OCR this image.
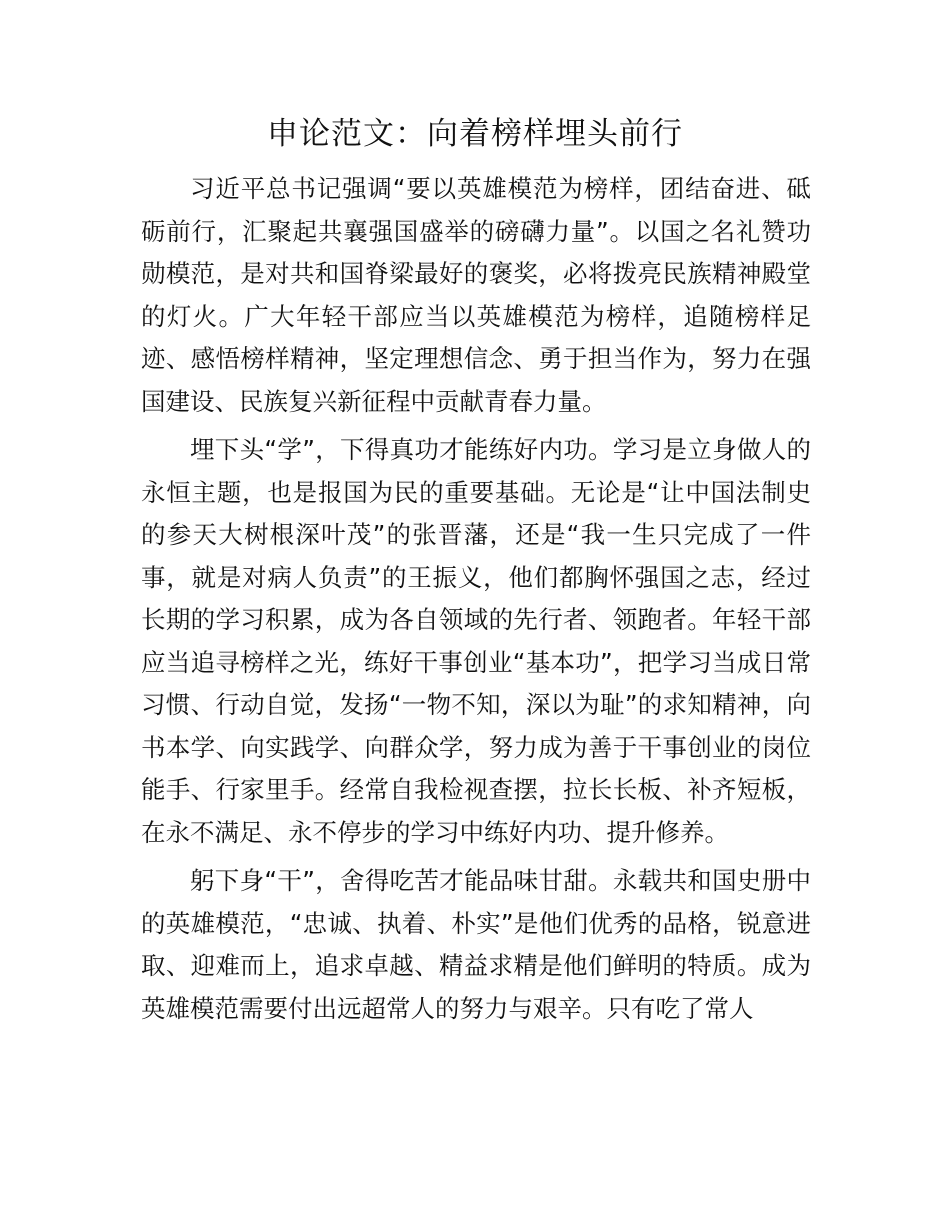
申论范文：向着榜样埋头前行

习近平总书记强调“要以英雄模范为榜样，团结奋进、砥砺前行，汇聚起共襄强国盛举的磅礴力量”。以国之名礼赞功勋模范，是对共和国脊梁最好的褒奖，必将拨亮民族精神殿堂的灯火。广大年轻干部应当以英雄模范为榜样，追随榜样足迹、感悟榜样精神，坚定理想信念、勇于担当作为，努力在强国建设、民族复兴新征程中贡献青春力量。

埋下头“学”，下得真功才能练好内功。学习是立身做人的永恒主题，也是报国为民的重要基础。无论是“让中国法制史的参天大树根深叶茂”的张晋藩，还是“我一生只完成了一件事，就是对病人负责”的王振义，他们都胸怀强国之志，经过长期的学习积累，成为各自领域的先行者、领跑者。年轻干部应当追寻榜样之光，练好干事创业“基本功”，把学习当成日常习惯、行动自觉，发扬“一物不知，深以为耻”的求知精神，向书本学、向实践学、向群众学，努力成为善于干事创业的岗位能手、行家里手。经常自我检视查摆，拉长长板、补齐短板，在永不满足、永不停步的学习中练好内功、提升修养。

躬下身“干”，舍得吃苦才能品味甘甜。永载共和国史册中的英雄模范，“忠诚、执着、朴实”是他们优秀的品格，锐意进取、迎难而上，追求卓越、精益求精是他们鲜明的特质。成为英雄模范需要付出远超常人的努力与艰辛。只有吃了常人
